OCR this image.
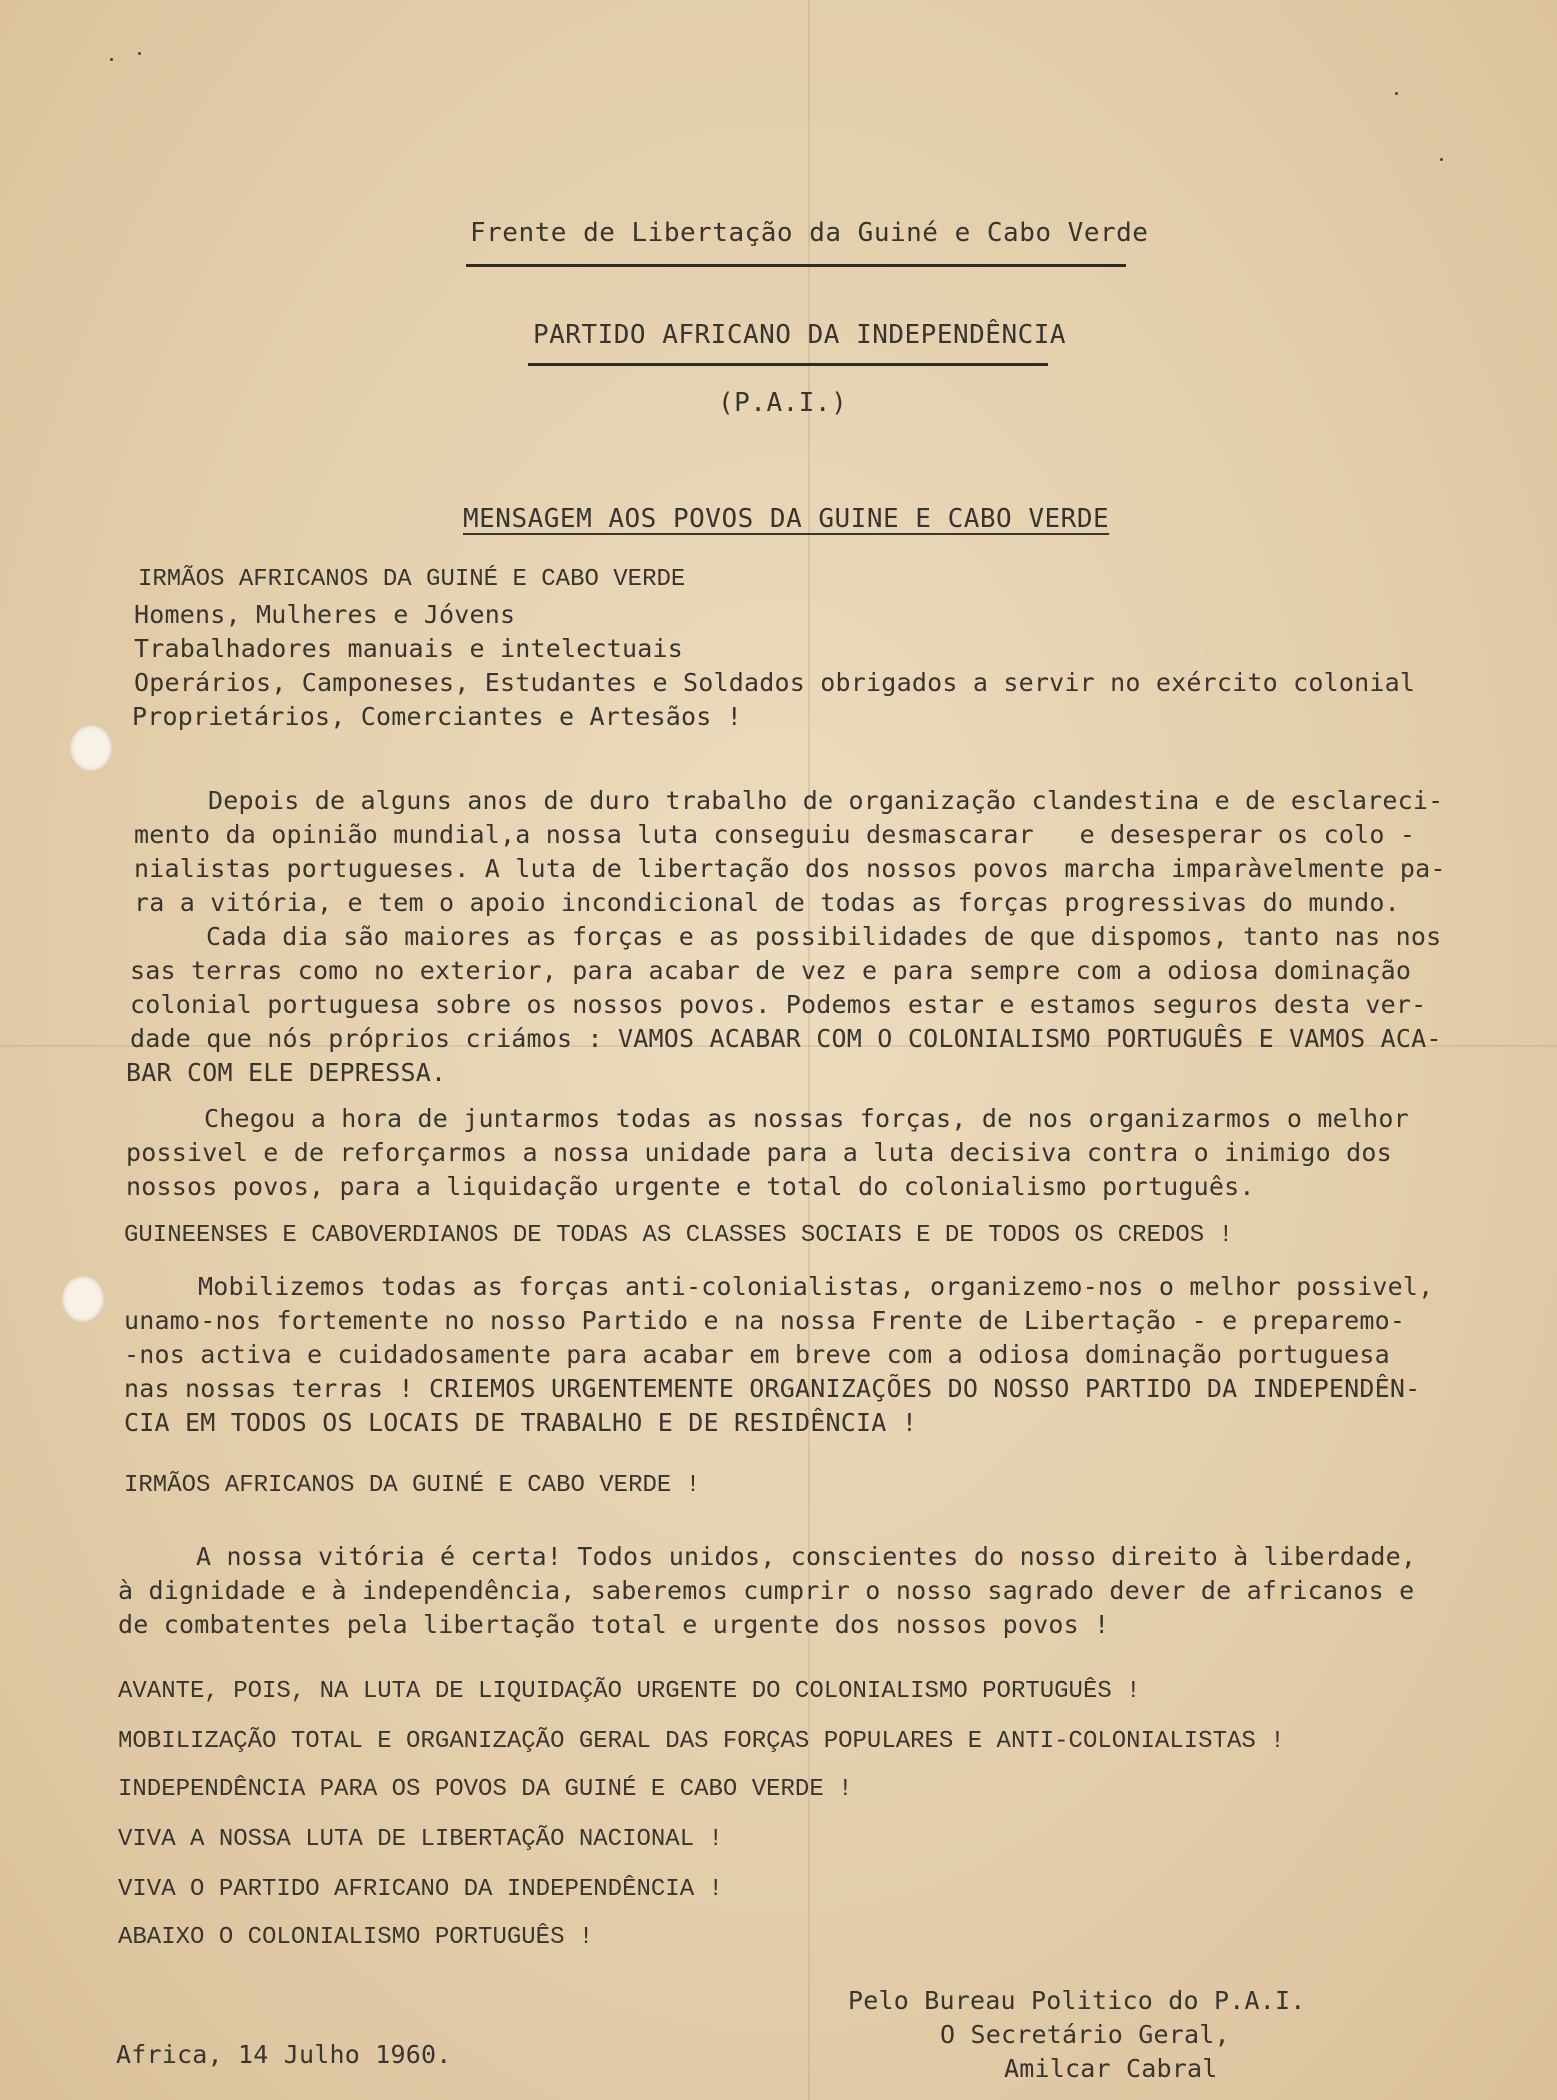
Frente de Libertação da Guiné e Cabo Verde
PARTIDO AFRICANO DA INDEPENDÊNCIA
(P.A.I.)
MENSAGEM AOS POVOS DA GUINE E CABO VERDE
IRMÃOS AFRICANOS DA GUINÉ E CABO VERDE
Homens, Mulheres e Jóvens
Trabalhadores manuais e intelectuais
Operários, Camponeses, Estudantes e Soldados obrigados a servir no exército colonial
Proprietários, Comerciantes e Artesãos !
Depois de alguns anos de duro trabalho de organização clandestina e de esclareci-
mento da opinião mundial,a nossa luta conseguiu desmascarar   e desesperar os colo -
nialistas portugueses. A luta de libertação dos nossos povos marcha imparàvelmente pa-
ra a vitória, e tem o apoio incondicional de todas as forças progressivas do mundo.
Cada dia são maiores as forças e as possibilidades de que dispomos, tanto nas nos
sas terras como no exterior, para acabar de vez e para sempre com a odiosa dominação
colonial portuguesa sobre os nossos povos. Podemos estar e estamos seguros desta ver-
dade que nós próprios criámos : VAMOS ACABAR COM O COLONIALISMO PORTUGUÊS E VAMOS ACA-
BAR COM ELE DEPRESSA.
Chegou a hora de juntarmos todas as nossas forças, de nos organizarmos o melhor
possivel e de reforçarmos a nossa unidade para a luta decisiva contra o inimigo dos
nossos povos, para a liquidação urgente e total do colonialismo português.
GUINEENSES E CABOVERDIANOS DE TODAS AS CLASSES SOCIAIS E DE TODOS OS CREDOS !
Mobilizemos todas as forças anti-colonialistas, organizemo-nos o melhor possivel,
unamo-nos fortemente no nosso Partido e na nossa Frente de Libertação - e preparemo-
-nos activa e cuidadosamente para acabar em breve com a odiosa dominação portuguesa
nas nossas terras ! CRIEMOS URGENTEMENTE ORGANIZAÇÕES DO NOSSO PARTIDO DA INDEPENDÊN-
CIA EM TODOS OS LOCAIS DE TRABALHO E DE RESIDÊNCIA !
IRMÃOS AFRICANOS DA GUINÉ E CABO VERDE !
A nossa vitória é certa! Todos unidos, conscientes do nosso direito à liberdade,
à dignidade e à independência, saberemos cumprir o nosso sagrado dever de africanos e
de combatentes pela libertação total e urgente dos nossos povos !
AVANTE, POIS, NA LUTA DE LIQUIDAÇÃO URGENTE DO COLONIALISMO PORTUGUÊS !
MOBILIZAÇÃO TOTAL E ORGANIZAÇÃO GERAL DAS FORÇAS POPULARES E ANTI-COLONIALISTAS !
INDEPENDÊNCIA PARA OS POVOS DA GUINÉ E CABO VERDE !
VIVA A NOSSA LUTA DE LIBERTAÇÃO NACIONAL !
VIVA O PARTIDO AFRICANO DA INDEPENDÊNCIA !
ABAIXO O COLONIALISMO PORTUGUÊS !
Pelo Bureau Politico do P.A.I.
O Secretário Geral,
Amilcar Cabral
Africa, 14 Julho 1960.
